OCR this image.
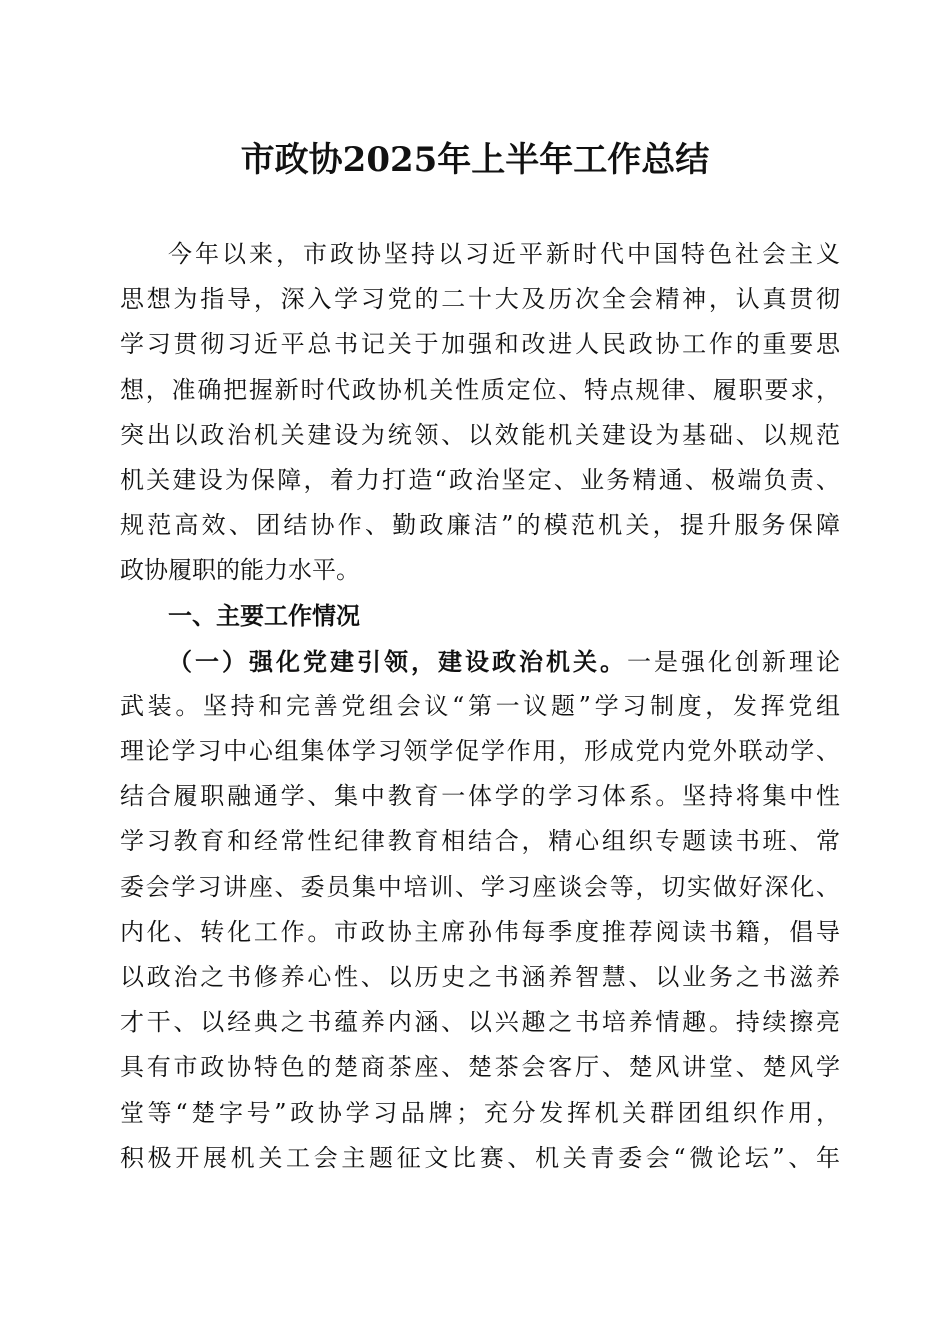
市政协2025年上半年工作总结
今年以来，市政协坚持以习近平新时代中国特色社会主义
思想为指导，深入学习党的二十大及历次全会精神，认真贯彻
学习贯彻习近平总书记关于加强和改进人民政协工作的重要思
想，准确把握新时代政协机关性质定位、特点规律、履职要求，
突出以政治机关建设为统领、以效能机关建设为基础、以规范
机关建设为保障，着力打造“政治坚定、业务精通、极端负责、
规范高效、团结协作、勤政廉洁”的模范机关，提升服务保障
政协履职的能力水平。
一、主要工作情况
（一）强化党建引领，建设政治机关。一是强化创新理论
武装。坚持和完善党组会议“第一议题”学习制度，发挥党组
理论学习中心组集体学习领学促学作用，形成党内党外联动学、
结合履职融通学、集中教育一体学的学习体系。坚持将集中性
学习教育和经常性纪律教育相结合，精心组织专题读书班、常
委会学习讲座、委员集中培训、学习座谈会等，切实做好深化、
内化、转化工作。市政协主席孙伟每季度推荐阅读书籍，倡导
以政治之书修养心性、以历史之书涵养智慧、以业务之书滋养
才干、以经典之书蕴养内涵、以兴趣之书培养情趣。持续擦亮
具有市政协特色的楚商茶座、楚茶会客厅、楚风讲堂、楚风学
堂等“楚字号”政协学习品牌；充分发挥机关群团组织作用，
积极开展机关工会主题征文比赛、机关青委会“微论坛”、年
